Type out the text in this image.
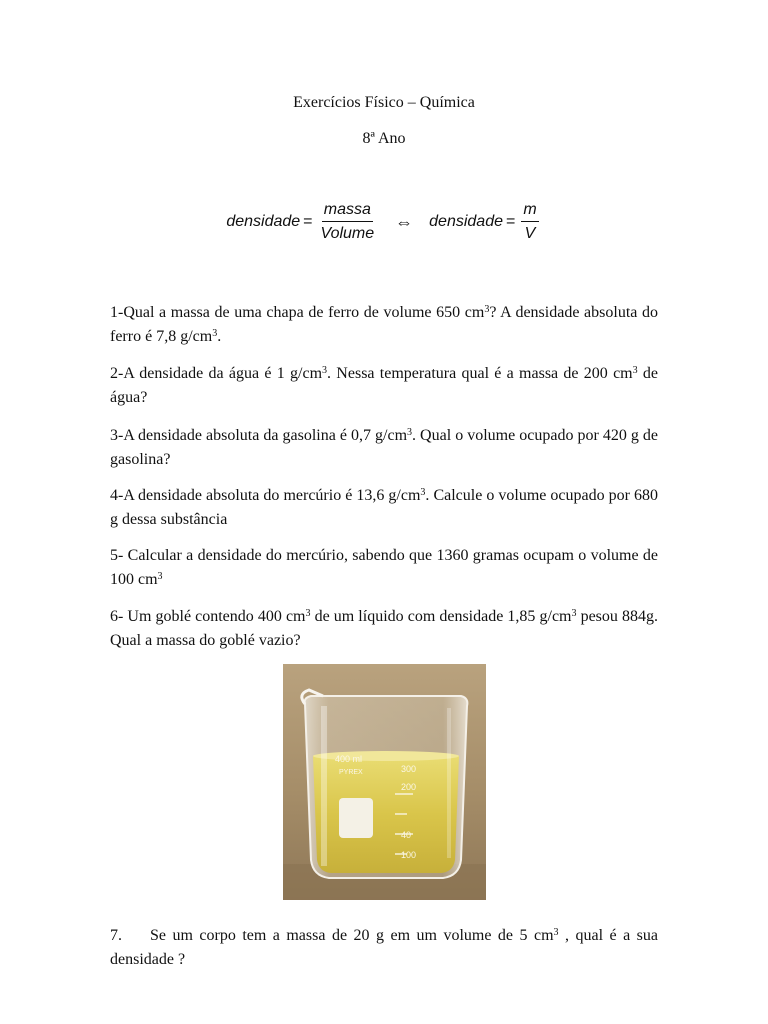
Exercícios Físico – Química
8ª Ano
densidade = $\frac{\text{massa}}{\text{Volume}}$ ⇔ densidade = $\frac{m}{V}$

1-Qual a massa de uma chapa de ferro de volume 650 $cm^3$? A densidade absoluta do ferro é 7,8 $g/cm^3$.

2-A densidade da água é 1 $g/cm^3$. Nessa temperatura qual é a massa de 200 $cm^3$ de água?

3-A densidade absoluta da gasolina é 0,7 $g/cm^3$. Qual o volume ocupado por 420 g de gasolina?

4-A densidade absoluta do mercúrio é 13,6 $g/cm^3$. Calcule o volume ocupado por 680 g dessa substância

5- Calcular a densidade do mercúrio, sabendo que 1360 gramas ocupam o volume de 100 $cm^3$

6- Um goblé contendo 400 $cm^3$ de um líquido com densidade 1,85 $g/cm^3$ pesou 884g. Qual a massa do goblé vazio?

400 ml
PYREX	300
200
100
40

7. Se um corpo tem a massa de 20 g em um volume de 5 $cm^3$ , qual é a sua densidade ?
